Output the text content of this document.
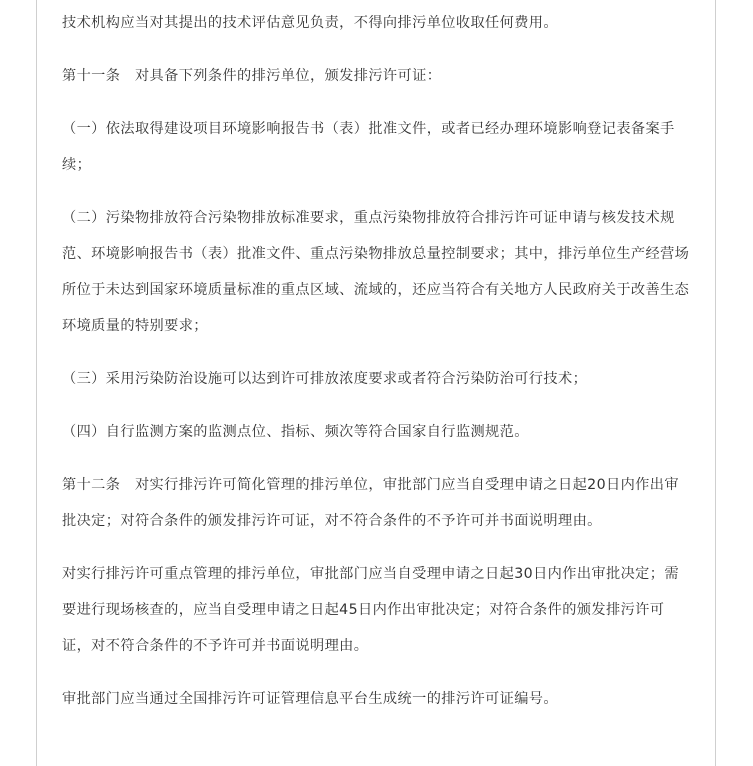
技术机构应当对其提出的技术评估意见负责，不得向排污单位收取任何费用。

第十一条　对具备下列条件的排污单位，颁发排污许可证：

（一）依法取得建设项目环境影响报告书（表）批准文件，或者已经办理环境影响登记表备案手续；

（二）污染物排放符合污染物排放标准要求，重点污染物排放符合排污许可证申请与核发技术规范、环境影响报告书（表）批准文件、重点污染物排放总量控制要求；其中，排污单位生产经营场所位于未达到国家环境质量标准的重点区域、流域的，还应当符合有关地方人民政府关于改善生态环境质量的特别要求；

（三）采用污染防治设施可以达到许可排放浓度要求或者符合污染防治可行技术；

（四）自行监测方案的监测点位、指标、频次等符合国家自行监测规范。

第十二条　对实行排污许可简化管理的排污单位，审批部门应当自受理申请之日起20日内作出审批决定；对符合条件的颁发排污许可证，对不符合条件的不予许可并书面说明理由。

对实行排污许可重点管理的排污单位，审批部门应当自受理申请之日起30日内作出审批决定；需要进行现场核查的，应当自受理申请之日起45日内作出审批决定；对符合条件的颁发排污许可证，对不符合条件的不予许可并书面说明理由。

审批部门应当通过全国排污许可证管理信息平台生成统一的排污许可证编号。
